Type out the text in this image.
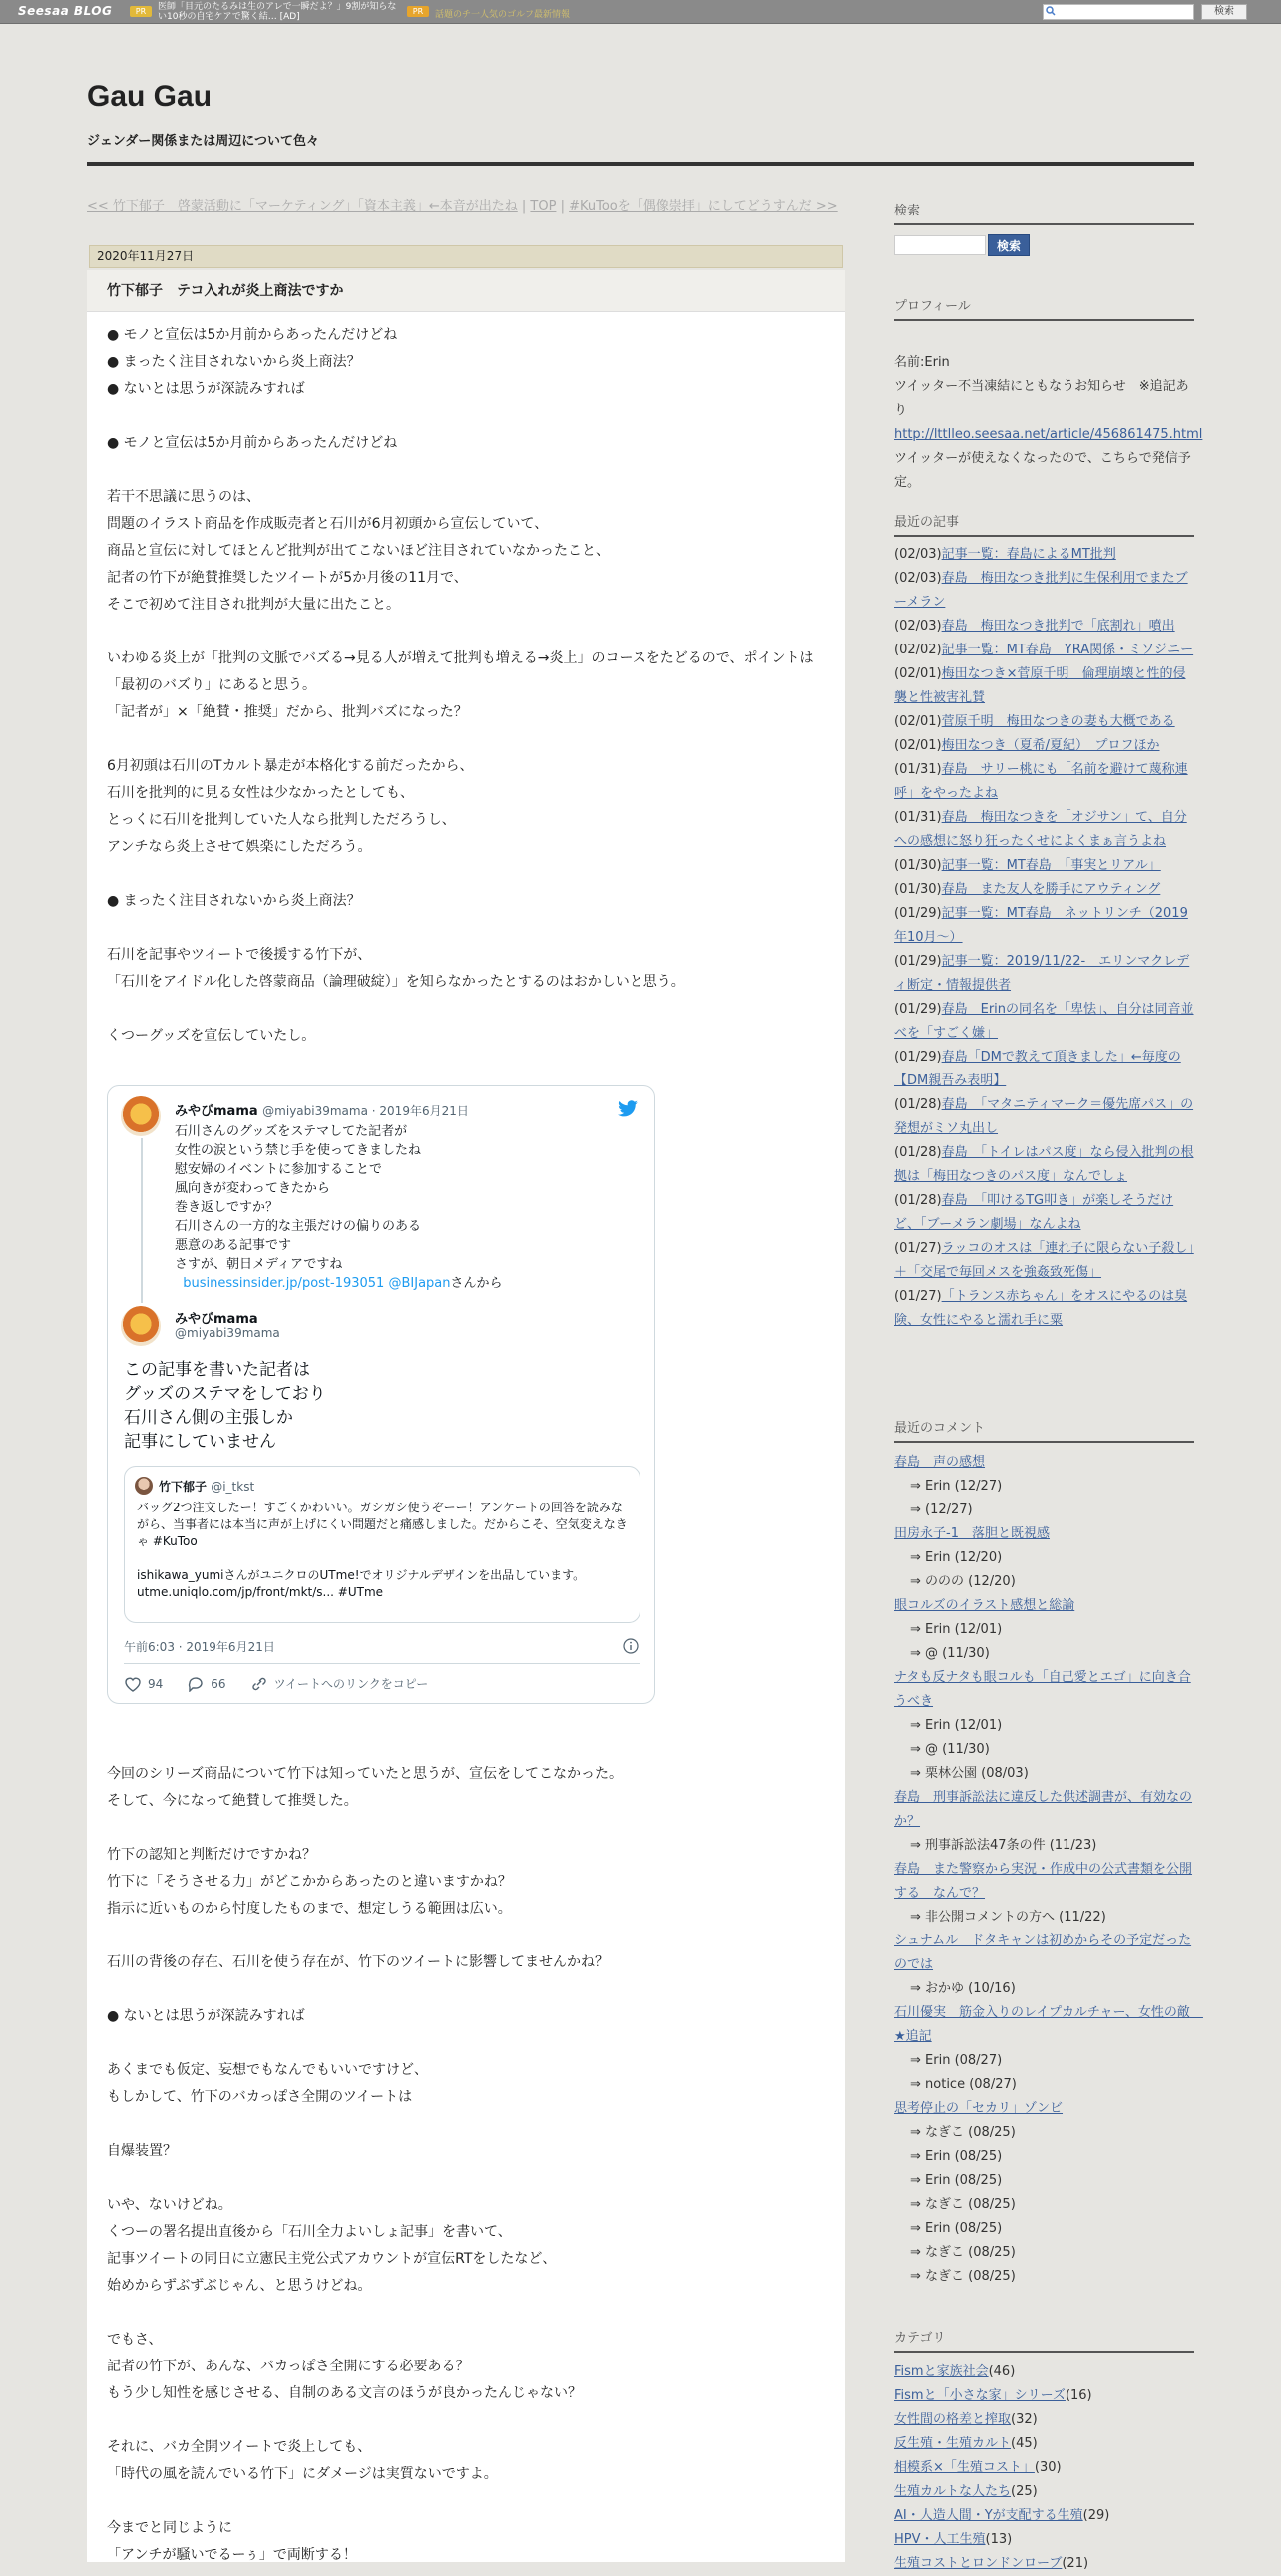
Seesaa BLOG	PR	医師「目元のたるみは生のアレで一瞬だよ？」9割が知らない10秒の自宅ケアで驚く結… [AD]
PR	話題のチ一人気のゴルフ最新情報	検索
Gau Gau
ジェンダー関係または周辺について色々
<< 竹下郁子　啓蒙活動に「マーケティング」「資本主義」←本音が出たね | TOP | #KuTooを「偶像崇拝」にしてどうすんだ >>
2020年11月27日
竹下郁子　テコ入れが炎上商法ですか
● モノと宣伝は5か月前からあったんだけどね
● まったく注目されないから炎上商法？
● ないとは思うが深読みすれば
● モノと宣伝は5か月前からあったんだけどね
若干不思議に思うのは、
問題のイラスト商品を作成販売者と石川が6月初頭から宣伝していて、
商品と宣伝に対してほとんど批判が出てこないほど注目されていなかったこと、
記者の竹下が絶賛推奨したツイートが5か月後の11月で、
そこで初めて注目され批判が大量に出たこと。
いわゆる炎上が「批判の文脈でバズる→見る人が増えて批判も増える→炎上」のコースをたどるので、ポイントは「最初のバズり」にあると思う。
「記者が」×「絶賛・推奨」だから、批判バズになった？
6月初頭は石川のTカルト暴走が本格化する前だったから、
石川を批判的に見る女性は少なかったとしても、
とっくに石川を批判していた人なら批判しただろうし、
アンチなら炎上させて娯楽にしただろう。
● まったく注目されないから炎上商法？
石川を記事やツイートで後援する竹下が、
「石川をアイドル化した啓蒙商品（論理破綻）」を知らなかったとするのはおかしいと思う。
くつーグッズを宣伝していたし。
みやびmama @miyabi39mama · 2019年6月21日
石川さんのグッズをステマしてた記者が
女性の涙という禁じ手を使ってきましたね
慰安婦のイベントに参加することで
風向きが変わってきたから
巻き返しですか？
石川さんの一方的な主張だけの偏りのある
悪意のある記事です
さすが、朝日メディアですね
businessinsider.jp/post-193051 @BIJapanさんから
みやびmama
@miyabi39mama
この記事を書いた記者は
グッズのステマをしており
石川さん側の主張しか
記事にしていません
竹下郁子 @i_tkst
バッグ2つ注文したー！すごくかわいい。ガシガシ使うぞーー！アンケートの回答を読みながら、当事者には本当に声が上げにくい問題だと痛感しました。だからこそ、空気変えなきゃ #KuToo
ishikawa_yumiさんがユニクロのUTme!でオリジナルデザインを出品しています。 utme.uniqlo.com/jp/front/mkt/s... #UTme
午前6:03 · 2019年6月21日
94	66	ツイートへのリンクをコピー
今回のシリーズ商品について竹下は知っていたと思うが、宣伝をしてこなかった。
そして、今になって絶賛して推奨した。
竹下の認知と判断だけですかね？
竹下に「そうさせる力」がどこかからあったのと違いますかね？
指示に近いものから忖度したものまで、想定しうる範囲は広い。
石川の背後の存在、石川を使う存在が、竹下のツイートに影響してませんかね？
● ないとは思うが深読みすれば
あくまでも仮定、妄想でもなんでもいいですけど、
もしかして、竹下のバカっぽさ全開のツイートは
自爆装置？
いや、ないけどね。
くつーの署名提出直後から「石川全力よいしょ記事」を書いて、
記事ツイートの同日に立憲民主党公式アカウントが宣伝RTをしたなど、
始めからずぶずぶじゃん、と思うけどね。
でもさ、
記者の竹下が、あんな、バカっぽさ全開にする必要ある？
もう少し知性を感じさせる、自制のある文言のほうが良かったんじゃない？
それに、バカ全開ツイートで炎上しても、
「時代の風を読んでいる竹下」にダメージは実質ないですよ。
今までと同じように
「アンチが騒いでるーぅ」で両断する！
検索
検索
プロフィール
名前:Erin
ツイッター不当凍結にともなうお知らせ　※追記あり
http://lttlleo.seesaa.net/article/456861475.html
ツイッターが使えなくなったので、こちらで発信予定。
最近の記事
(02/03)記事一覧：春島によるMT批判
(02/03)春島　梅田なつき批判に生保利用でまたブーメラン
(02/03)春島　梅田なつき批判で「底割れ」噴出
(02/02)記事一覧：MT春島　YRA関係・ミソジニー
(02/01)梅田なつき×菅原千明　倫理崩壊と性的侵襲と性被害礼賛
(02/01)菅原千明　梅田なつきの妻も大概である
(02/01)梅田なつき（夏希/夏紀）　プロフほか
(01/31)春島　サリー桃にも「名前を避けて蔑称連呼」をやったよね
(01/31)春島　梅田なつきを「オジサン」て、自分への感想に怒り狂ったくせによくまぁ言うよね
(01/30)記事一覧：MT春島　「事実とリアル」
(01/30)春島　また友人を勝手にアウティング
(01/29)記事一覧：MT春島　ネットリンチ（2019年10月～）
(01/29)記事一覧：2019/11/22-　エリンマクレディ断定・情報提供者
(01/29)春島　Erinの同名を「卑怯」、自分は同音並べを「すごく嫌」
(01/29)春島「DMで教えて頂きました」←毎度の【DM親吾み表明】
(01/28)春島　「マタニティマーク＝優先席パス」の発想がミソ丸出し
(01/28)春島　「トイレはパス度」なら侵入批判の根拠は「梅田なつきのパス度」なんでしょ
(01/28)春島　「叩けるTG叩き」が楽しそうだけど、「ブーメラン劇場」なんよね
(01/27)ラッコのオスは「連れ子に限らない子殺し」＋「交尾で毎回メスを強姦致死傷」
(01/27)「トランス赤ちゃん」をオスにやるのは臭険、女性にやると濡れ手に粟
最近のコメント
春島　声の感想
⇒ Erin (12/27)
⇒ (12/27)
田房永子-1　落胆と既視感
⇒ Erin (12/20)
⇒ ののの (12/20)
眼コルズのイラスト感想と総論
⇒ Erin (12/01)
⇒ @ (11/30)
ナタも反ナタも眼コルも「自己愛とエゴ」に向き合うべき
⇒ Erin (12/01)
⇒ @ (11/30)
⇒ 栗林公園 (08/03)
春島　刑事訴訟法に違反した供述調書が、有効なのか？
⇒ 刑事訴訟法47条の件 (11/23)
春島　また警察から実況・作成中の公式書類を公開する　なんで？
⇒ 非公開コメントの方へ (11/22)
シュナムル　ドタキャンは初めからその予定だったのでは
⇒ おかゆ (10/16)
石川優実　筋金入りのレイプカルチャー、女性の敵　★追記
⇒ Erin (08/27)
⇒ notice (08/27)
思考停止の「セカリ」ゾンビ
⇒ なぎこ (08/25)
⇒ Erin (08/25)
⇒ Erin (08/25)
⇒ なぎこ (08/25)
⇒ Erin (08/25)
⇒ なぎこ (08/25)
⇒ なぎこ (08/25)
カテゴリ
Fismと家族社会(46)
Fismと「小さな家」シリーズ(16)
女性間の格差と搾取(32)
反生殖・生殖カルト(45)
相模系×「生殖コスト」(30)
生殖カルトな人たち(25)
AI・人造人間・Yが支配する生殖(29)
HPV・人工生殖(13)
生殖コストとロンドンローブ(21)
